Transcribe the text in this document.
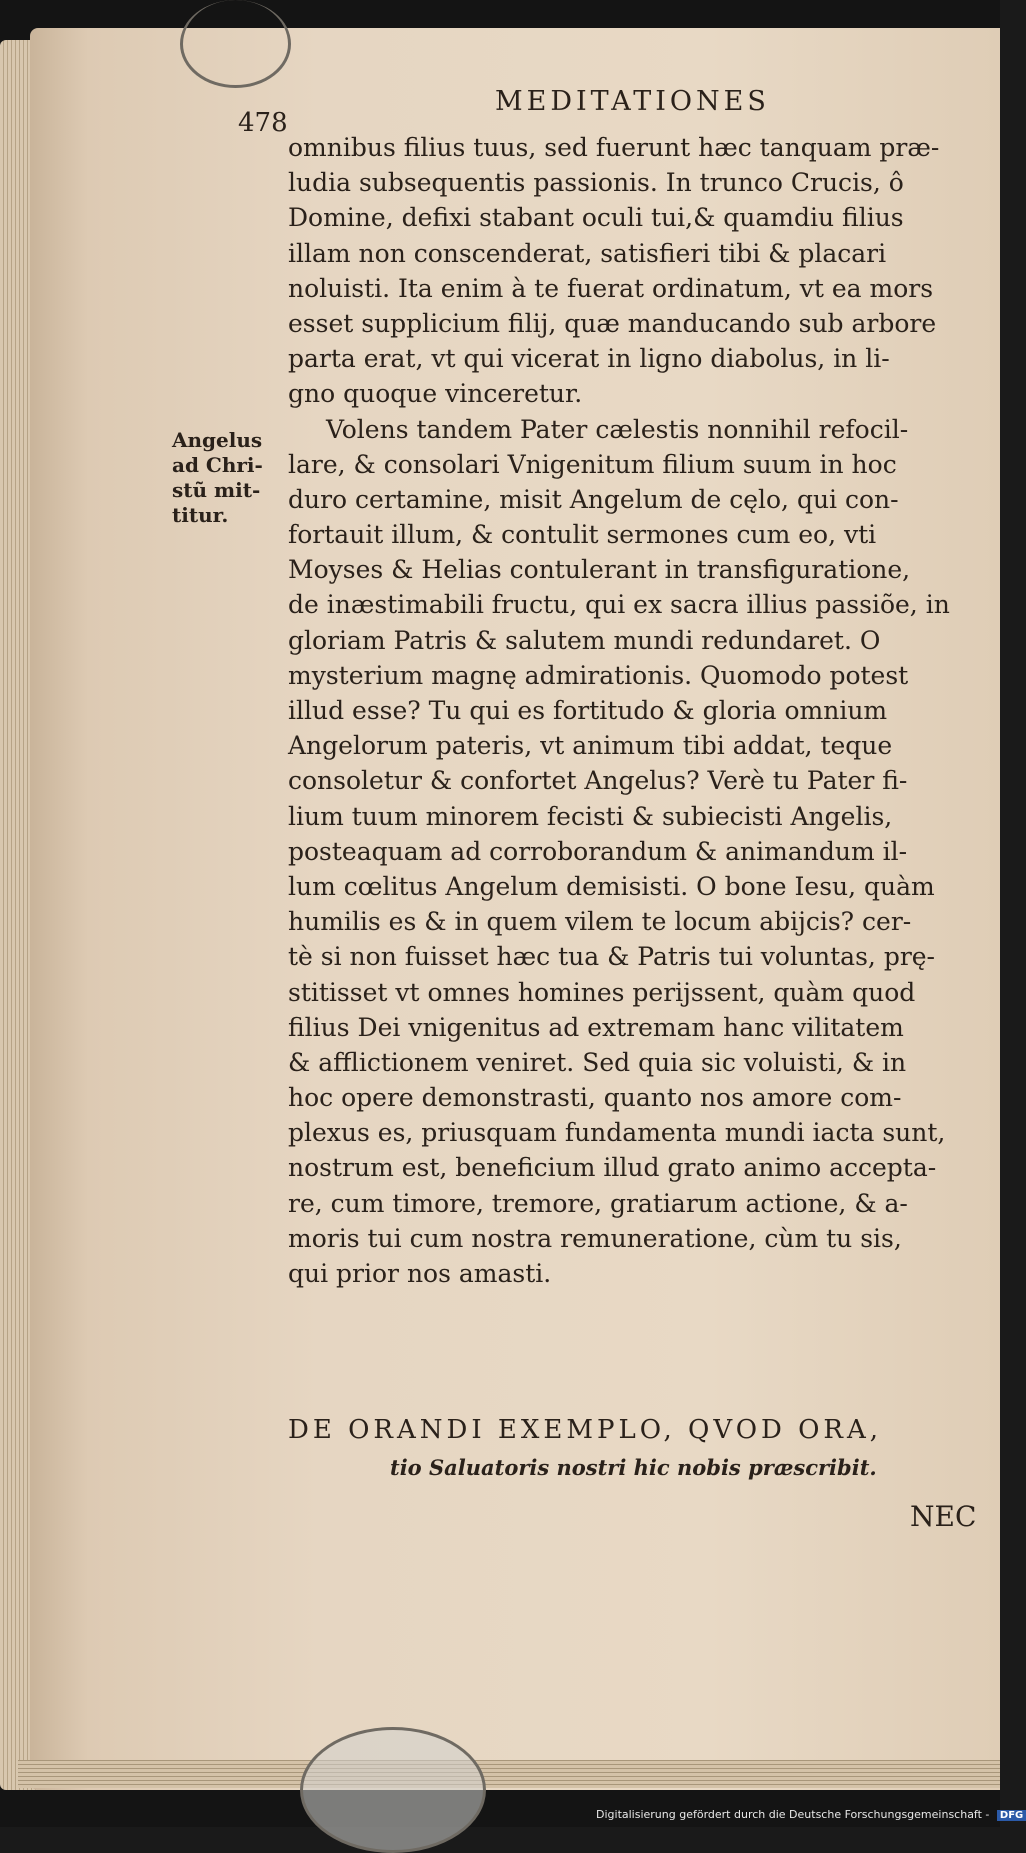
478
MEDITATIONES
omnibus filius tuus, sed fuerunt hæc tanquam præ-
ludia subsequentis passionis. In trunco Crucis, ô
Domine, defixi stabant oculi tui,& quamdiu filius
illam non conscenderat, satisfieri tibi & placari
noluisti. Ita enim à te fuerat ordinatum, vt ea mors
esset supplicium filij, quæ manducando sub arbore
parta erat, vt qui vicerat in ligno diabolus, in li-
gno quoque vinceretur.
Volens tandem Pater cælestis nonnihil refocil-
lare, & consolari Vnigenitum filium suum in hoc
duro certamine, misit Angelum de cęlo, qui con-
fortauit illum, & contulit sermones cum eo, vti
Moyses & Helias contulerant in transfiguratione,
de inæstimabili fructu, qui ex sacra illius passiõe, in
gloriam Patris & salutem mundi redundaret. O
mysterium magnę admirationis. Quomodo potest
illud esse? Tu qui es fortitudo & gloria omnium
Angelorum pateris, vt animum tibi addat, teque
consoletur & confortet Angelus? Verè tu Pater fi-
lium tuum minorem fecisti & subiecisti Angelis,
posteaquam ad corroborandum & animandum il-
lum cœlitus Angelum demisisti. O bone Iesu, quàm
humilis es & in quem vilem te locum abijcis? cer-
tè si non fuisset hæc tua & Patris tui voluntas, prę-
stitisset vt omnes homines perijssent, quàm quod
filius Dei vnigenitus ad extremam hanc vilitatem
& afflictionem veniret. Sed quia sic voluisti, & in
hoc opere demonstrasti, quanto nos amore com-
plexus es, priusquam fundamenta mundi iacta sunt,
nostrum est, beneficium illud grato animo accepta-
re, cum timore, tremore, gratiarum actione, & a-
moris tui cum nostra remuneratione, cùm tu sis,
qui prior nos amasti.
Angelus
ad Chri-
stũ mit-
titur.
DE ORANDI EXEMPLO, QVOD ORA,
tio Saluatoris nostri hic nobis præscribit.
NEC
Digitalisierung gefördert durch die Deutsche Forschungsgemeinschaft - DFG
